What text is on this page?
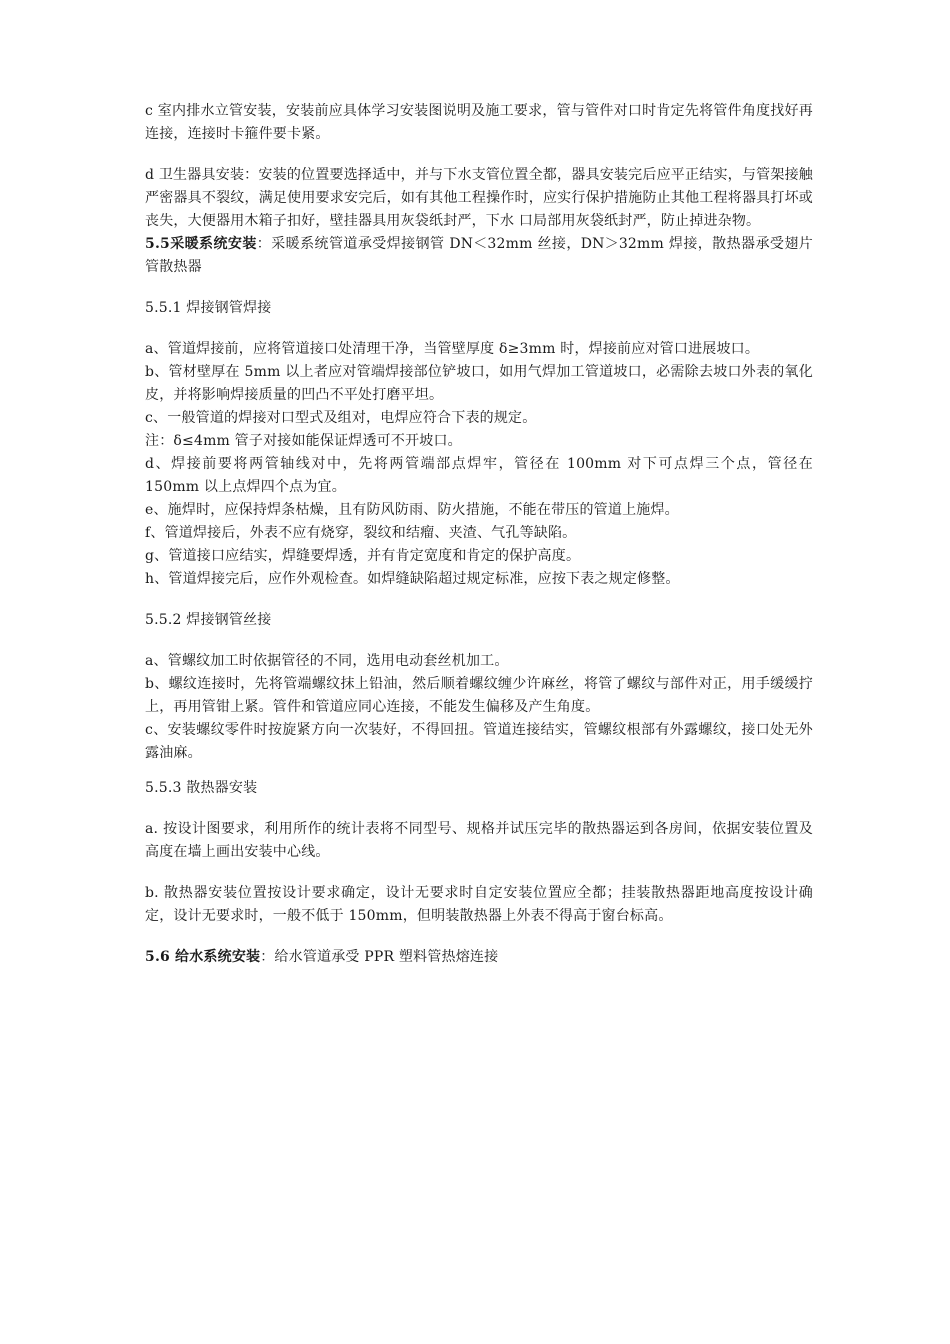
c 室内排水立管安装，安装前应具体学习安装图说明及施工要求，管与管件对口时肯定先将管件角度找好再连接，连接时卡箍件要卡紧。

d 卫生器具安装：安装的位置要选择适中，并与下水支管位置全都，器具安装完后应平正结实，与管架接触严密器具不裂纹，满足使用要求安完后，如有其他工程操作时，应实行保护措施防止其他工程将器具打坏或丧失，大便器用木箱子扣好，壁挂器具用灰袋纸封严，下水 口局部用灰袋纸封严，防止掉进杂物。

5.5采暖系统安装：采暖系统管道承受焊接钢管 DN＜32mm 丝接，DN＞32mm 焊接，散热器承受翅片管散热器

5.5.1 焊接钢管焊接

a、管道焊接前，应将管道接口处清理干净，当管壁厚度 δ≥3mm 时，焊接前应对管口进展坡口。

b、管材壁厚在 5mm 以上者应对管端焊接部位铲坡口，如用气焊加工管道坡口，必需除去坡口外表的氧化皮，并将影响焊接质量的凹凸不平处打磨平坦。

c、一般管道的焊接对口型式及组对，电焊应符合下表的规定。

注：δ≤4mm 管子对接如能保证焊透可不开坡口。

d、焊接前要将两管轴线对中，先将两管端部点焊牢，管径在 100mm 对下可点焊三个点，管径在 150mm 以上点焊四个点为宜。

e、施焊时，应保持焊条枯燥，且有防风防雨、防火措施，不能在带压的管道上施焊。

f、管道焊接后，外表不应有烧穿，裂纹和结瘤、夹渣、气孔等缺陷。

g、管道接口应结实，焊缝要焊透，并有肯定宽度和肯定的保护高度。

h、管道焊接完后，应作外观检查。如焊缝缺陷超过规定标准，应按下表之规定修整。

5.5.2 焊接钢管丝接

a、管螺纹加工时依据管径的不同，选用电动套丝机加工。

b、螺纹连接时，先将管端螺纹抹上铅油，然后顺着螺纹缠少许麻丝，将管了螺纹与部件对正，用手缓缓拧上，再用管钳上紧。管件和管道应同心连接，不能发生偏移及产生角度。

c、安装螺纹零件时按旋紧方向一次装好，不得回扭。管道连接结实，管螺纹根部有外露螺纹，接口处无外露油麻。

5.5.3 散热器安装

a. 按设计图要求，利用所作的统计表将不同型号、规格并试压完毕的散热器运到各房间，依据安装位置及高度在墙上画出安装中心线。

b. 散热器安装位置按设计要求确定，设计无要求时自定安装位置应全都；挂装散热器距地高度按设计确定，设计无要求时，一般不低于 150mm，但明装散热器上外表不得高于窗台标高。

5.6 给水系统安装：给水管道承受 PPR 塑料管热熔连接
